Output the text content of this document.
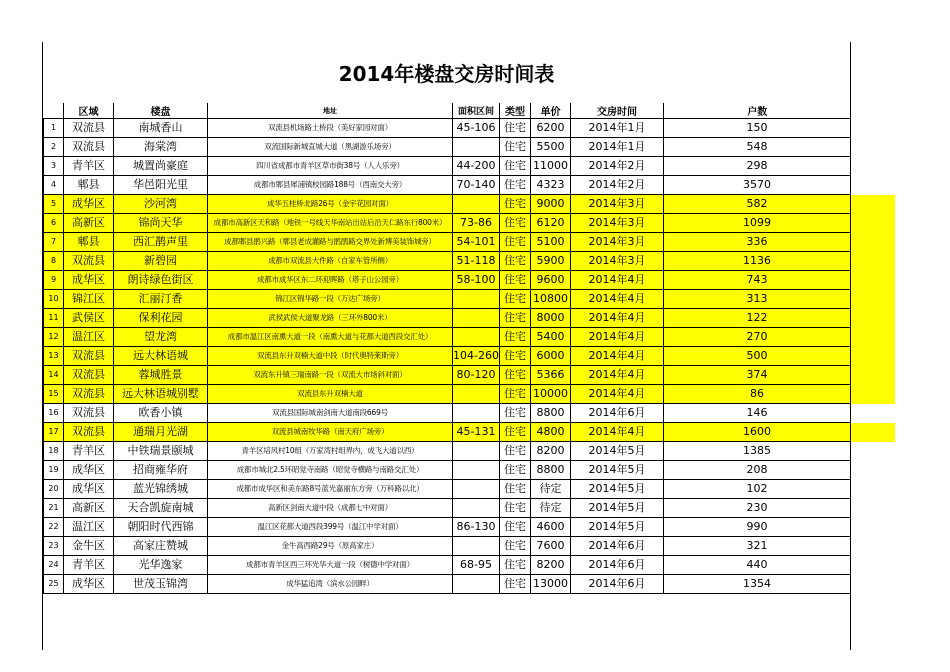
2014年楼盘交房时间表
	区域	楼盘	地址	面积区间	类型	单价	交房时间	户数
1	双流县	南城香山	双流县机场路土桥段（美好家园对面）	45-106	住宅	6200	2014年1月	150
2	双流县	海棠湾	双流国际新城直城大道（黑湖游乐场旁）		住宅	5500	2014年1月	548
3	青羊区	城置尚豪庭	四川省成都市青羊区草市街38号（人人乐旁）	44-200	住宅	11000	2014年2月	298
4	郫县	华邑阳光里	成都市郫县犀浦镇校园路188号（西南交大旁）	70-140	住宅	4323	2014年2月	3570
5	成华区	沙河湾	成华五桂桥北路26号（金宇花园对面）		住宅	9000	2014年3月	582
6	高新区	锦尚天华	成都市高新区天和路（地铁一号线天华南站出站后沿天仁路东行800米）	73-86	住宅	6120	2014年3月	1099
7	郫县	西汇鹊声里	成都郫县鹃兴路（郫县老成灌路与鹃鹃路交界处新博美装饰城旁）	54-101	住宅	5100	2014年3月	336
8	双流县	新碧园	成都市双流县大件路（自家车管所侧）	51-118	住宅	5900	2014年3月	1136
9	成华区	朗诗绿色街区	成都市成华区东二环迎晖路（塔子山公园旁）	58-100	住宅	9600	2014年4月	743
10	锦江区	汇丽汀香	锦江区锦华路一段（万达广场旁）		住宅	10800	2014年4月	313
11	武侯区	保利花园	武侯武侯大道聚龙路（三环外800米）		住宅	8000	2014年4月	122
12	温江区	望龙湾	成都市温江区南熏大道一段（南熏大道与花都大道西段交汇处）		住宅	5400	2014年4月	270
13	双流县	远大林语城	双流县东升双楠大道中段（时代奥特莱斯旁）	104-260	住宅	6000	2014年4月	500
14	双流县	蓉城胜景	双流东升镇三瑞南路一段（双流大市场斜对面）	80-120	住宅	5366	2014年4月	374
15	双流县	远大林语城别墅	双流县东升双楠大道		住宅	10000	2014年4月	86
16	双流县	欧香小镇	双流县国际城南剑南大道南段669号		住宅	8800	2014年6月	146
17	双流县	通瑞月光湖	双流县城南牧华路（南天府广场旁）	45-131	住宅	4800	2014年4月	1600
18	青羊区	中铁瑞景颐城	青羊区培风村10组（万家湾村组界内，成飞大道以西）		住宅	8200	2014年5月	1385
19	成华区	招商雍华府	成都市城北2.5环昭觉寺南路（昭觉寺横路与南路交汇处）		住宅	8800	2014年5月	208
20	成华区	蓝光锦绣城	成都市成华区和美东路8号蓝光嘉丽东方旁（万科路以北）		住宅	待定	2014年5月	102
21	高新区	天合凯旋南城	高新区剑南大道中段（成都七中对面）		住宅	待定	2014年5月	230
22	温江区	朝阳时代西锦	温江区花都大道西段399号（温江中学对面）	86-130	住宅	4600	2014年5月	990
23	金牛区	高家庄赞城	金牛高西路29号（原高家庄）		住宅	7600	2014年6月	321
24	青羊区	光华逸家	成都市青羊区西三环光华大道一段（树德中学对面）	68-95	住宅	8200	2014年6月	440
25	成华区	世茂玉锦湾	成华猛追湾（滨水公园畔）		住宅	13000	2014年6月	1354
